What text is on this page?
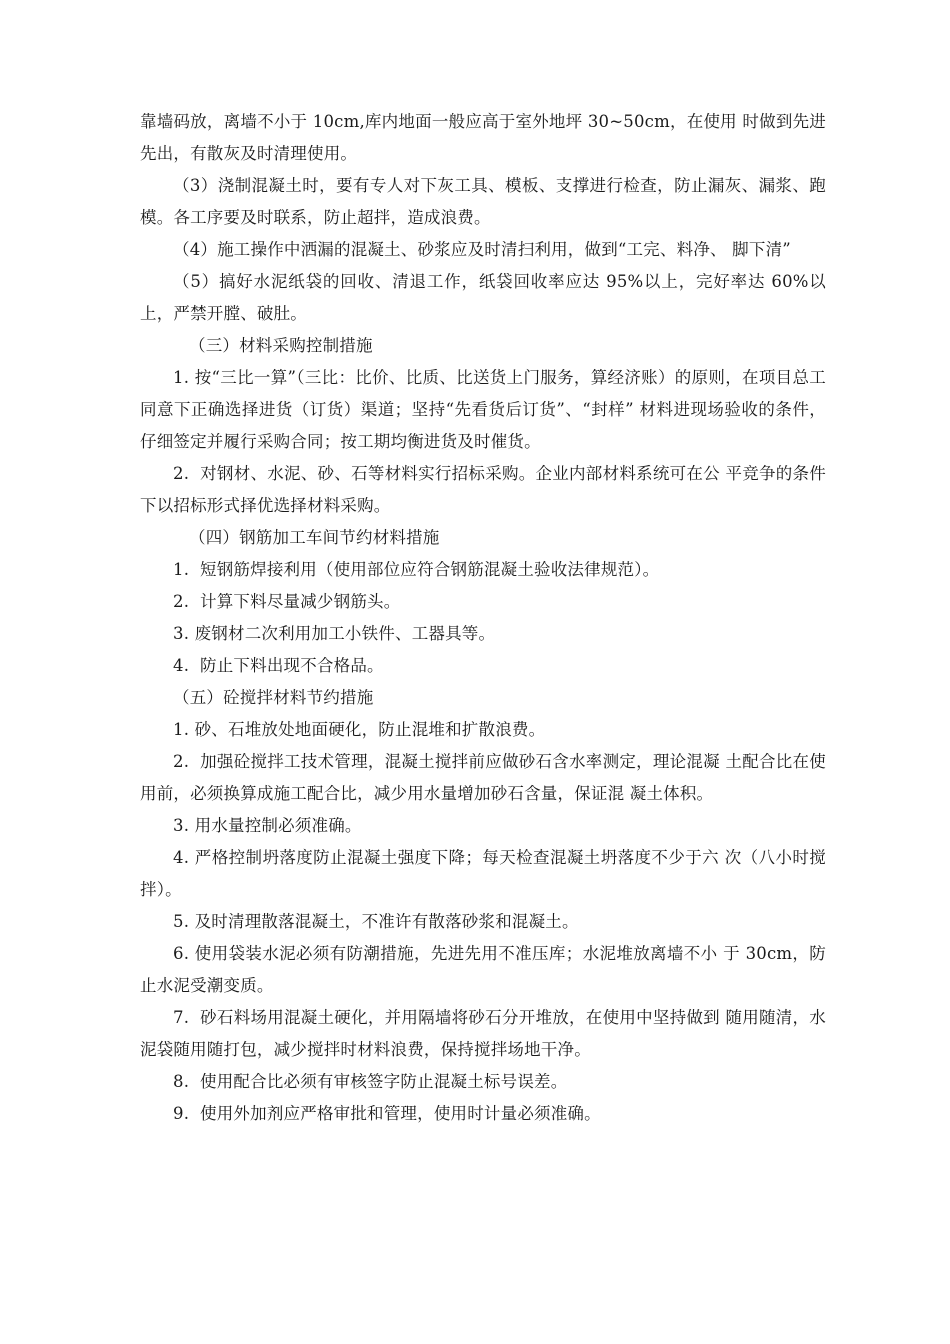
靠墙码放，离墙不小于 10cm,库内地面一般应高于室外地坪 30~50cm，在使用 时做到先进先出，有散灰及时清理使用。

（3）浇制混凝土时，要有专人对下灰工具、模板、支撑进行检查，防止漏灰、漏浆、跑模。各工序要及时联系，防止超拌，造成浪费。

（4）施工操作中洒漏的混凝土、砂浆应及时清扫利用，做到“工完、料净、 脚下清”

（5）搞好水泥纸袋的回收、清退工作，纸袋回收率应达 95%以上，完好率达 60%以上，严禁开膛、破肚。

（三）材料采购控制措施

1. 按“三比一算”（三比：比价、比质、比送货上门服务，算经济账）的原则，在项目总工同意下正确选择进货（订货）渠道；坚持“先看货后订货”、“封样” 材料进现场验收的条件，仔细签定并履行采购合同；按工期均衡进货及时催货。

2.  对钢材、水泥、砂、石等材料实行招标采购。企业内部材料系统可在公 平竞争的条件下以招标形式择优选择材料采购。

（四）钢筋加工车间节约材料措施

1.  短钢筋焊接利用（使用部位应符合钢筋混凝土验收法律规范）。

2.  计算下料尽量减少钢筋头。

3. 废钢材二次利用加工小铁件、工器具等。

4.  防止下料出现不合格品。

（五）砼搅拌材料节约措施

1. 砂、石堆放处地面硬化，防止混堆和扩散浪费。

2.  加强砼搅拌工技术管理，混凝土搅拌前应做砂石含水率测定，理论混凝 土配合比在使用前，必须换算成施工配合比，减少用水量增加砂石含量，保证混 凝土体积。

3. 用水量控制必须准确。

4. 严格控制坍落度防止混凝土强度下降；每天检查混凝土坍落度不少于六 次（八小时搅拌）。

5. 及时清理散落混凝土，不准许有散落砂浆和混凝土。

6. 使用袋装水泥必须有防潮措施，先进先用不准压库；水泥堆放离墙不小 于 30cm，防止水泥受潮变质。

7.  砂石料场用混凝土硬化，并用隔墙将砂石分开堆放，在使用中坚持做到 随用随清，水泥袋随用随打包，减少搅拌时材料浪费，保持搅拌场地干净。

8.  使用配合比必须有审核签字防止混凝土标号误差。

9.  使用外加剂应严格审批和管理，使用时计量必须准确。
